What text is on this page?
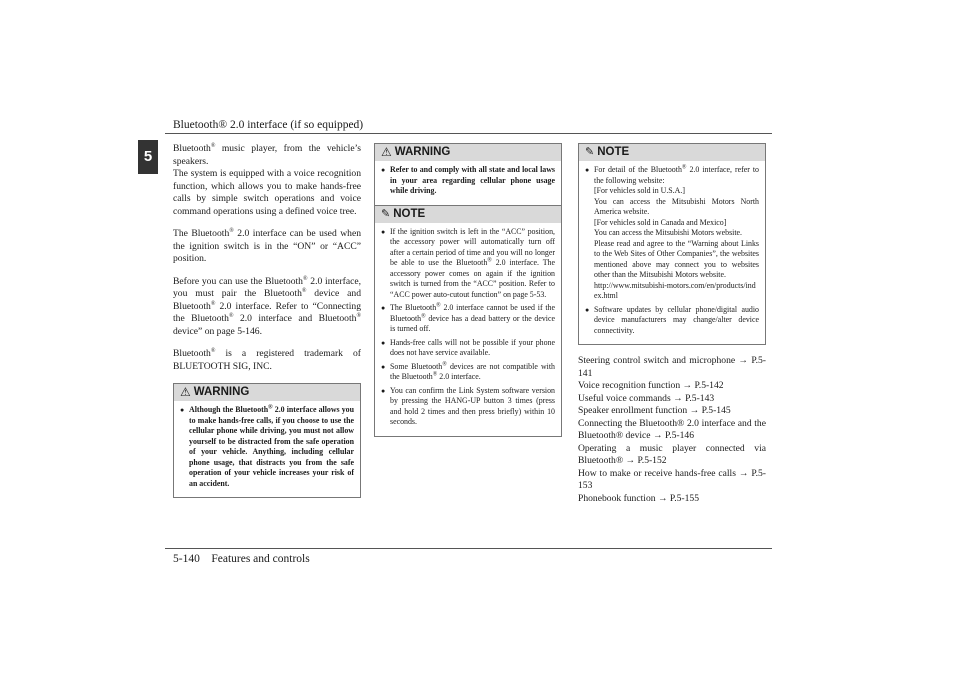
Bluetooth® 2.0 interface (if so equipped)
5	Bluetooth® music player, from the vehicle’s speakers.
The system is equipped with a voice recognition function, which allows you to make hands-free calls by simple switch operations and voice command operations using a defined voice tree.

The Bluetooth® 2.0 interface can be used when the ignition switch is in the “ON” or “ACC” position.

Before you can use the Bluetooth® 2.0 interface, you must pair the Bluetooth® device and Bluetooth® 2.0 interface. Refer to “Connecting the Bluetooth® 2.0 interface and Bluetooth® device” on page 5-146.

Bluetooth® is a registered trademark of BLUETOOTH SIG, INC.

⚠ WARNING
● Although the Bluetooth® 2.0 interface allows you to make hands-free calls, if you choose to use the cellular phone while driving, you must not allow yourself to be distracted from the safe operation of your vehicle. Anything, including cellular phone usage, that distracts you from the safe operation of your vehicle increases your risk of an accident.
⚠ WARNING
● Refer to and comply with all state and local laws in your area regarding cellular phone usage while driving.
✎ NOTE
● If the ignition switch is left in the “ACC” position, the accessory power will automatically turn off after a certain period of time and you will no longer be able to use the Bluetooth® 2.0 interface. The accessory power comes on again if the ignition switch is turned from the “ACC” position. Refer to “ACC power auto-cutout function” on page 5-53.
● The Bluetooth® 2.0 interface cannot be used if the Bluetooth® device has a dead battery or the device is turned off.
● Hands-free calls will not be possible if your phone does not have service available.
● Some Bluetooth® devices are not compatible with the Bluetooth® 2.0 interface.
● You can confirm the Link System software version by pressing the HANG-UP button 3 times (press and hold 2 times and then press briefly) within 10 seconds.
✎ NOTE
● For detail of the Bluetooth® 2.0 interface, refer to the following website:
[For vehicles sold in U.S.A.]
You can access the Mitsubishi Motors North America website.
[For vehicles sold in Canada and Mexico]
You can access the Mitsubishi Motors website.
Please read and agree to the “Warning about Links to the Web Sites of Other Companies”, the websites mentioned above may connect you to websites other than the Mitsubishi Motors website.
http://www.mitsubishi-motors.com/en/products/index.html
● Software updates by cellular phone/digital audio device manufacturers may change/alter device connectivity.
Steering control switch and microphone → P.5-141
Voice recognition function → P.5-142
Useful voice commands → P.5-143
Speaker enrollment function → P.5-145
Connecting the Bluetooth® 2.0 interface and the Bluetooth® device → P.5-146
Operating a music player connected via Bluetooth® → P.5-152
How to make or receive hands-free calls → P.5-153
Phonebook function → P.5-155
5-140 Features and controls
